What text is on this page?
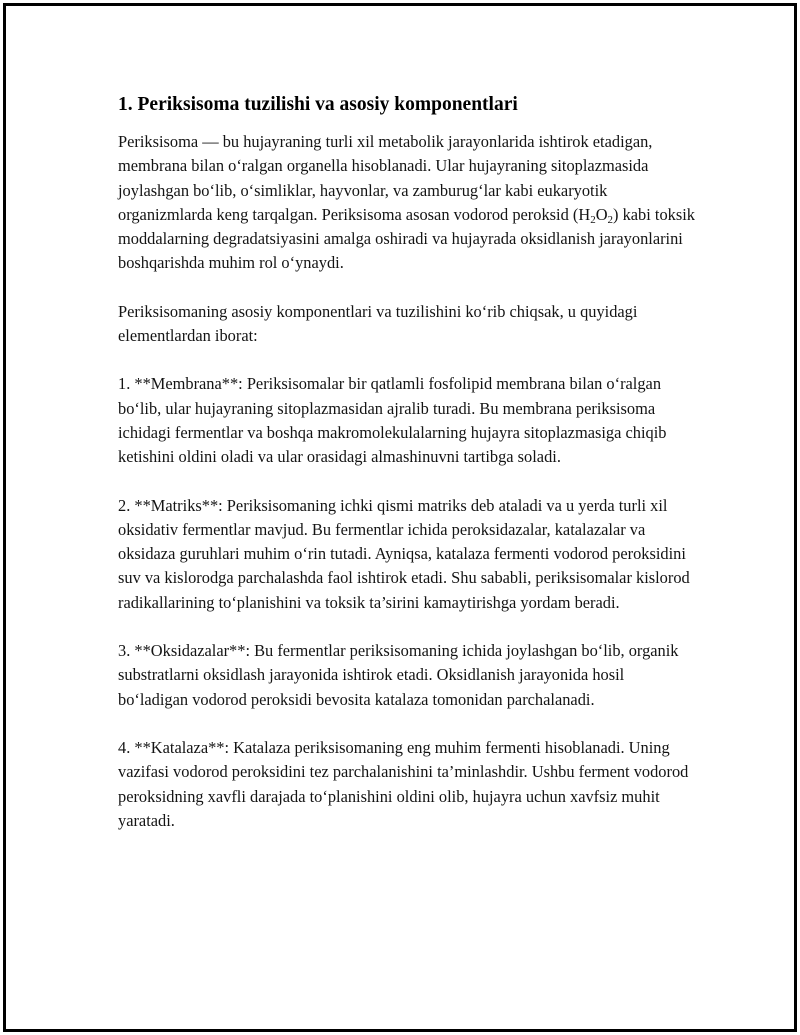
1. Periksisoma tuzilishi va asosiy komponentlari

Periksisoma — bu hujayraning turli xil metabolik jarayonlarida ishtirok etadigan, membrana bilan o‘ralgan organella hisoblanadi. Ular hujayraning sitoplazmasida joylashgan bo‘lib, o‘simliklar, hayvonlar, va zamburug‘lar kabi eukaryotik organizmlarda keng tarqalgan. Periksisoma asosan vodorod peroksid $(H_2O_2)$ kabi toksik moddalarning degradatsiyasini amalga oshiradi va hujayrada oksidlanish jarayonlarini boshqarishda muhim rol o‘ynaydi.

Periksisomaning asosiy komponentlari va tuzilishini ko‘rib chiqsak, u quyidagi elementlardan iborat:

1. **Membrana**: Periksisomalar bir qatlamli fosfolipid membrana bilan o‘ralgan bo‘lib, ular hujayraning sitoplazmasidan ajralib turadi. Bu membrana periksisoma ichidagi fermentlar va boshqa makromolekulalarning hujayra sitoplazmasiga chiqib ketishini oldini oladi va ular orasidagi almashinuvni tartibga soladi.

2. **Matriks**: Periksisomaning ichki qismi matriks deb ataladi va u yerda turli xil oksidativ fermentlar mavjud. Bu fermentlar ichida peroksidazalar, katalazalar va oksidaza guruhlari muhim o‘rin tutadi. Ayniqsa, katalaza fermenti vodorod peroksidini suv va kislorodga parchalashda faol ishtirok etadi. Shu sababli, periksisomalar kislorod radikallarining to‘planishini va toksik ta’sirini kamaytirishga yordam beradi.

3. **Oksidazalar**: Bu fermentlar periksisomaning ichida joylashgan bo‘lib, organik substratlarni oksidlash jarayonida ishtirok etadi. Oksidlanish jarayonida hosil bo‘ladigan vodorod peroksidi bevosita katalaza tomonidan parchalanadi.

4. **Katalaza**: Katalaza periksisomaning eng muhim fermenti hisoblanadi. Uning vazifasi vodorod peroksidini tez parchalanishini ta’minlashdir. Ushbu ferment vodorod peroksidning xavfli darajada to‘planishini oldini olib, hujayra uchun xavfsiz muhit yaratadi.
